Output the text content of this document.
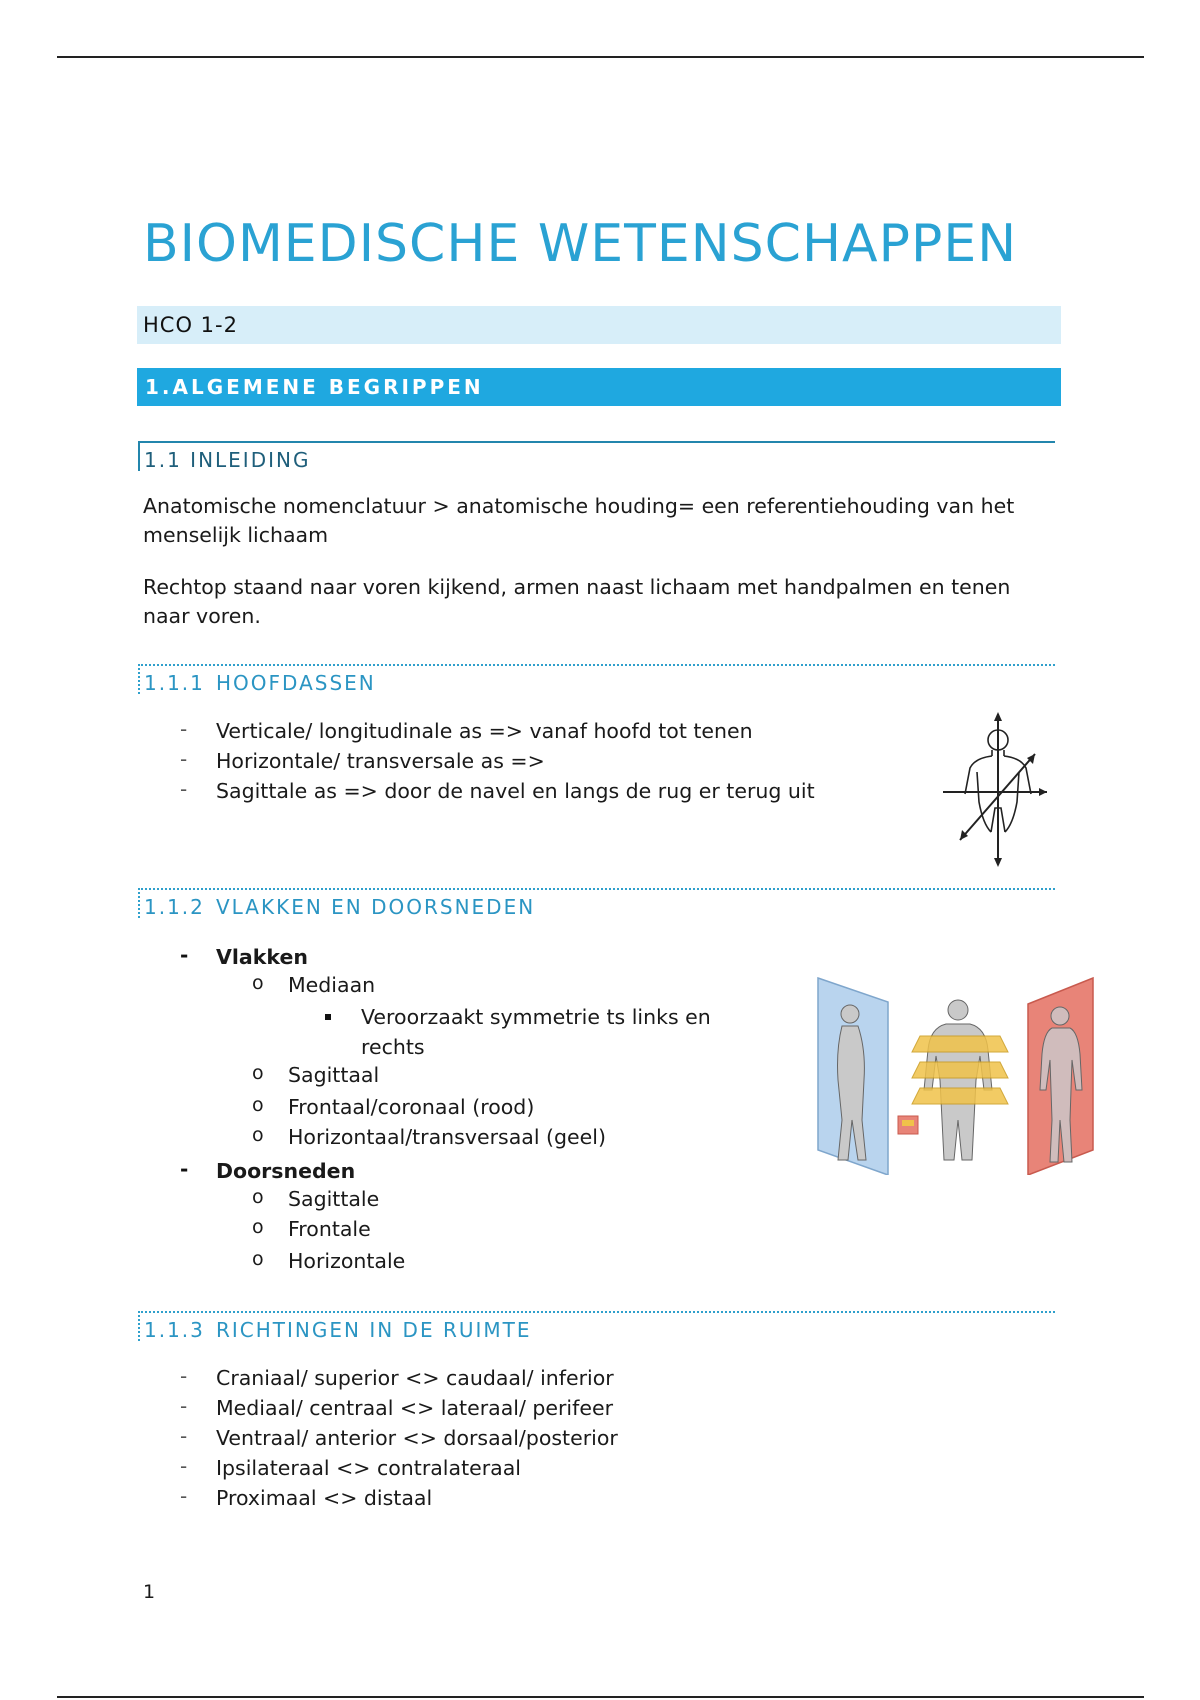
BIOMEDISCHE WETENSCHAPPEN
HCO 1-2
1.ALGEMENE BEGRIPPEN
1.1 INLEIDING

Anatomische nomenclatuur > anatomische houding= een referentiehouding van het menselijk lichaam

Rechtop staand naar voren kijkend, armen naast lichaam met handpalmen en tenen naar voren.

1.1.1 HOOFDASSEN
- Verticale/ longitudinale as => vanaf hoofd tot tenen
- Horizontale/ transversale as =>
- Sagittale as => door de navel en langs de rug er terug uit
1.1.2 VLAKKEN EN DOORSNEDEN
- Vlakken
o Mediaan
Veroorzaakt symmetrie ts links en
rechts
o Sagittaal
o Frontaal/coronaal (rood)
o Horizontaal/transversaal (geel)
- Doorsneden
o Sagittale
o Frontale
o Horizontale
1.1.3 RICHTINGEN IN DE RUIMTE
- Craniaal/ superior <> caudaal/ inferior
- Mediaal/ centraal <> lateraal/ perifeer
- Ventraal/ anterior <> dorsaal/posterior
- Ipsilateraal <> contralateraal
- Proximaal <> distaal
1
